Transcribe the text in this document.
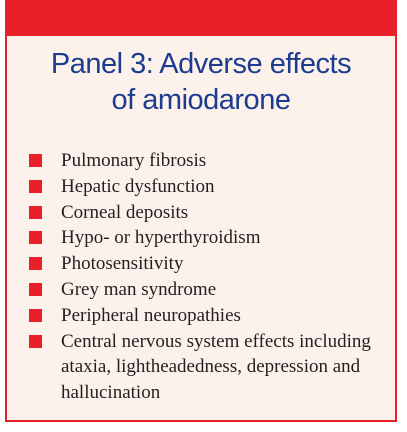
Panel 3: Adverse effects
of amiodarone
Pulmonary fibrosis
Hepatic dysfunction
Corneal deposits
Hypo- or hyperthyroidism
Photosensitivity
Grey man syndrome
Peripheral neuropathies
Central nervous system effects including ataxia, lightheadedness, depression and hallucination
